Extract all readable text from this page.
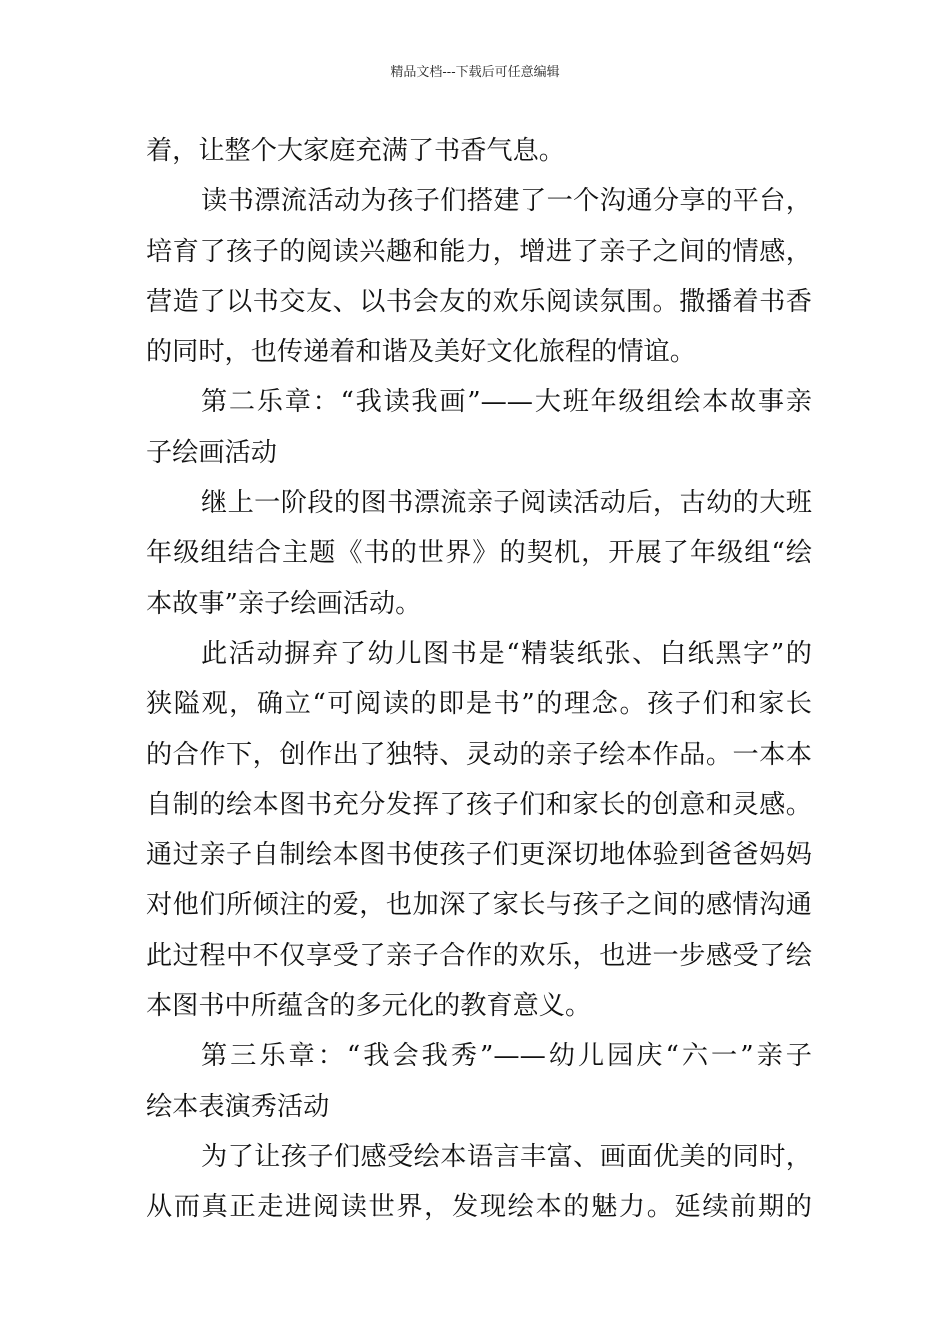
精品文档---下载后可任意编辑
着，让整个大家庭充满了书香气息。
读书漂流活动为孩子们搭建了一个沟通分享的平台，
培育了孩子的阅读兴趣和能力，增进了亲子之间的情感，
营造了以书交友、以书会友的欢乐阅读氛围。撒播着书香
的同时，也传递着和谐及美好文化旅程的情谊。
第二乐章：“我读我画”——大班年级组绘本故事亲
子绘画活动
继上一阶段的图书漂流亲子阅读活动后，古幼的大班
年级组结合主题《书的世界》的契机，开展了年级组“绘
本故事”亲子绘画活动。
此活动摒弃了幼儿图书是“精装纸张、白纸黑字”的
狭隘观，确立“可阅读的即是书”的理念。孩子们和家长
的合作下，创作出了独特、灵动的亲子绘本作品。一本本
自制的绘本图书充分发挥了孩子们和家长的创意和灵感。
通过亲子自制绘本图书使孩子们更深切地体验到爸爸妈妈
对他们所倾注的爱，也加深了家长与孩子之间的感情沟通
此过程中不仅享受了亲子合作的欢乐，也进一步感受了绘
本图书中所蕴含的多元化的教育意义。
第三乐章：“我会我秀”——幼儿园庆“六一”亲子
绘本表演秀活动
为了让孩子们感受绘本语言丰富、画面优美的同时，
从而真正走进阅读世界，发现绘本的魅力。延续前期的
